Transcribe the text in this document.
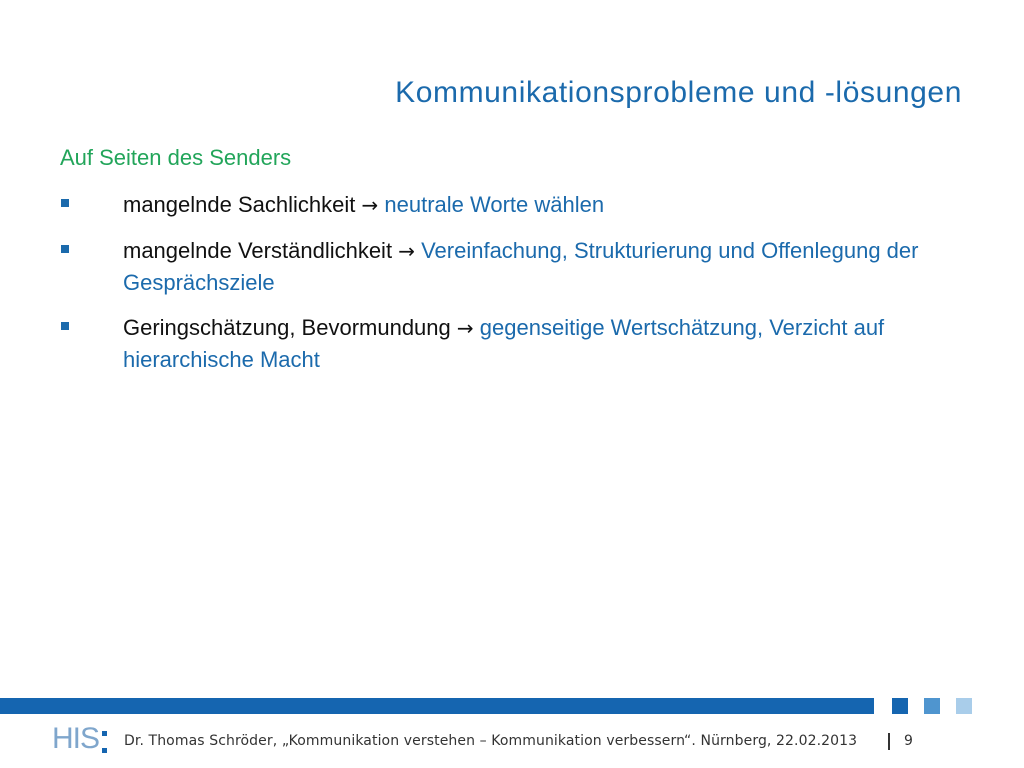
Kommunikationsprobleme und -lösungen
Auf Seiten des Senders
mangelnde Sachlichkeit → neutrale Worte wählen
mangelnde Verständlichkeit → Vereinfachung, Strukturierung und Offenlegung der Gesprächsziele
Geringschätzung, Bevormundung → gegenseitige Wertschätzung, Verzicht auf hierarchische Macht
HIS Dr. Thomas Schröder, „Kommunikation verstehen – Kommunikation verbessern“. Nürnberg, 22.02.2013	9
